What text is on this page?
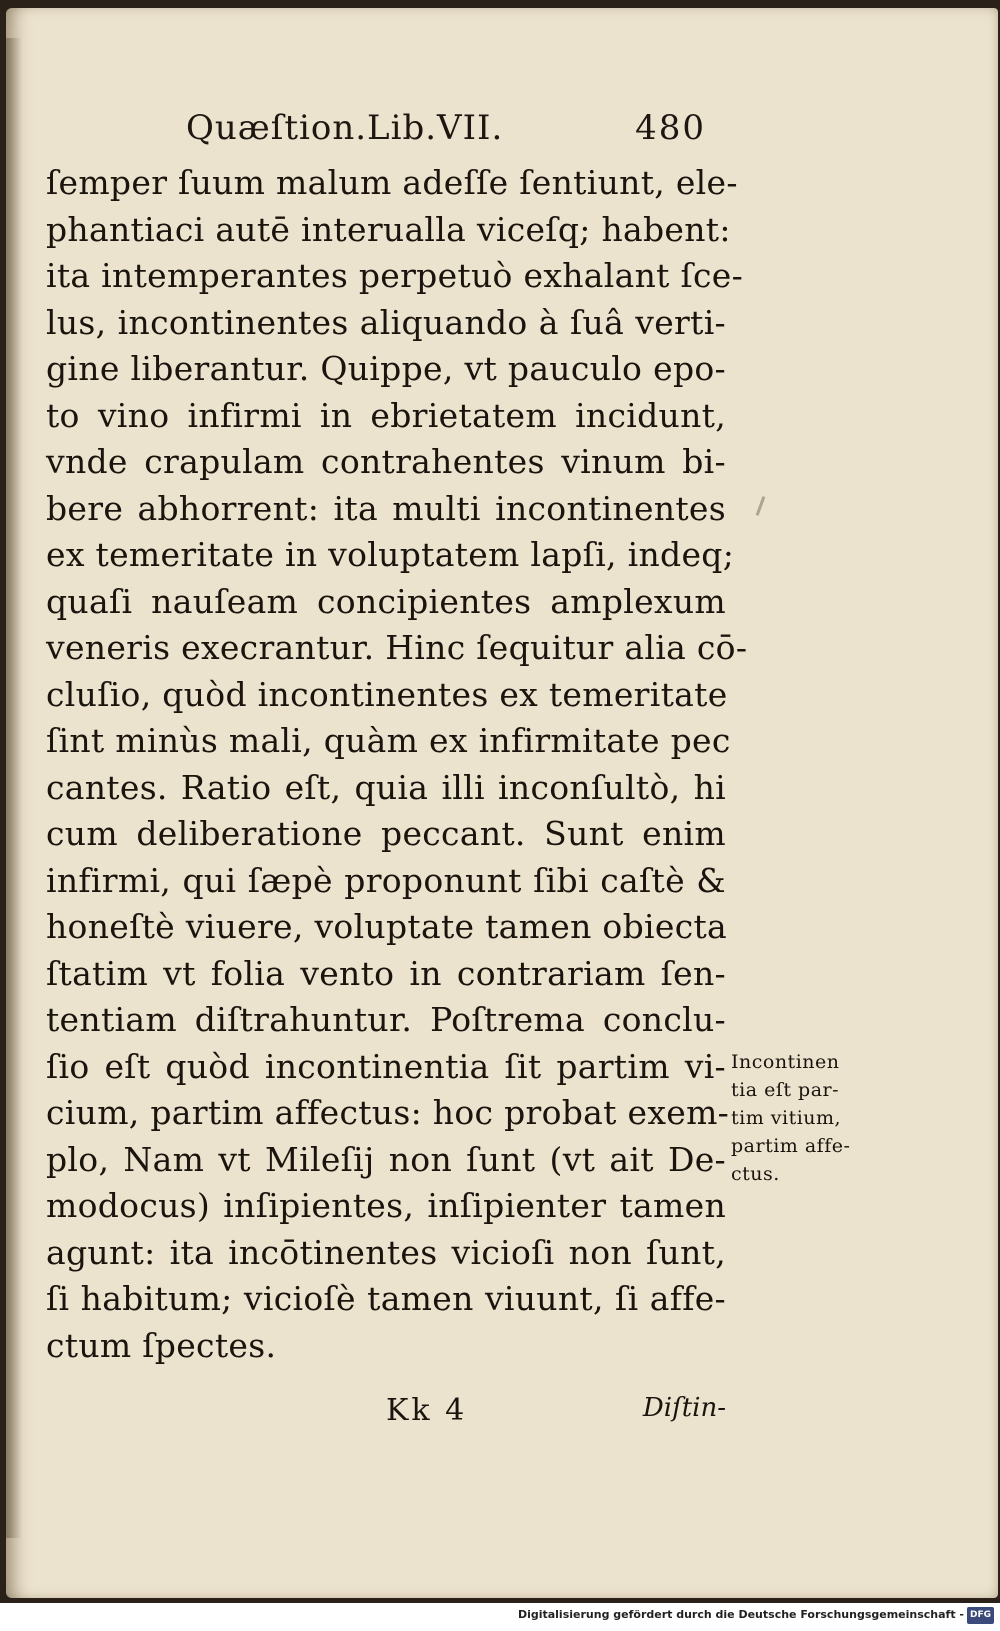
Quæſtion.Lib.VII.	480
ſemper ſuum malum adeſſe ſentiunt, ele-
phantiaci autē interualla viceſq; habent:
ita intemperantes perpetuò exhalant ſce-
lus, incontinentes aliquando à ſuâ verti-
gine liberantur. Quippe, vt pauculo epo-
to vino infirmi in ebrietatem incidunt,
vnde crapulam contrahentes vinum bi-
bere abhorrent: ita multi incontinentes
ex temeritate in voluptatem lapſi, indeq;
quaſi nauſeam concipientes amplexum
veneris execrantur. Hinc ſequitur alia cō-
cluſio, quòd incontinentes ex temeritate
ſint minùs mali, quàm ex infirmitate pec
cantes. Ratio eſt, quia illi inconſultò, hi
cum deliberatione peccant. Sunt enim
infirmi, qui ſæpè proponunt ſibi caſtè &
honeſtè viuere, voluptate tamen obiecta
ſtatim vt folia vento in contrariam ſen-
tentiam diſtrahuntur. Poſtrema conclu-
ſio eſt quòd incontinentia ſit partim vi-
cium, partim affectus: hoc probat exem-
plo, Nam vt Mileſij non ſunt (vt ait De-
modocus) inſipientes, inſipienter tamen
agunt: ita incōtinentes vicioſi non ſunt,
ſi habitum; vicioſè tamen viuunt, ſi affe-
ctum ſpectes.
Incontinen
tia eſt par-
tim vitium,
partim affe-
ctus.
Kk 4	Diſtin-
Digitalisierung gefördert durch die Deutsche Forschungsgemeinschaft - DFG
